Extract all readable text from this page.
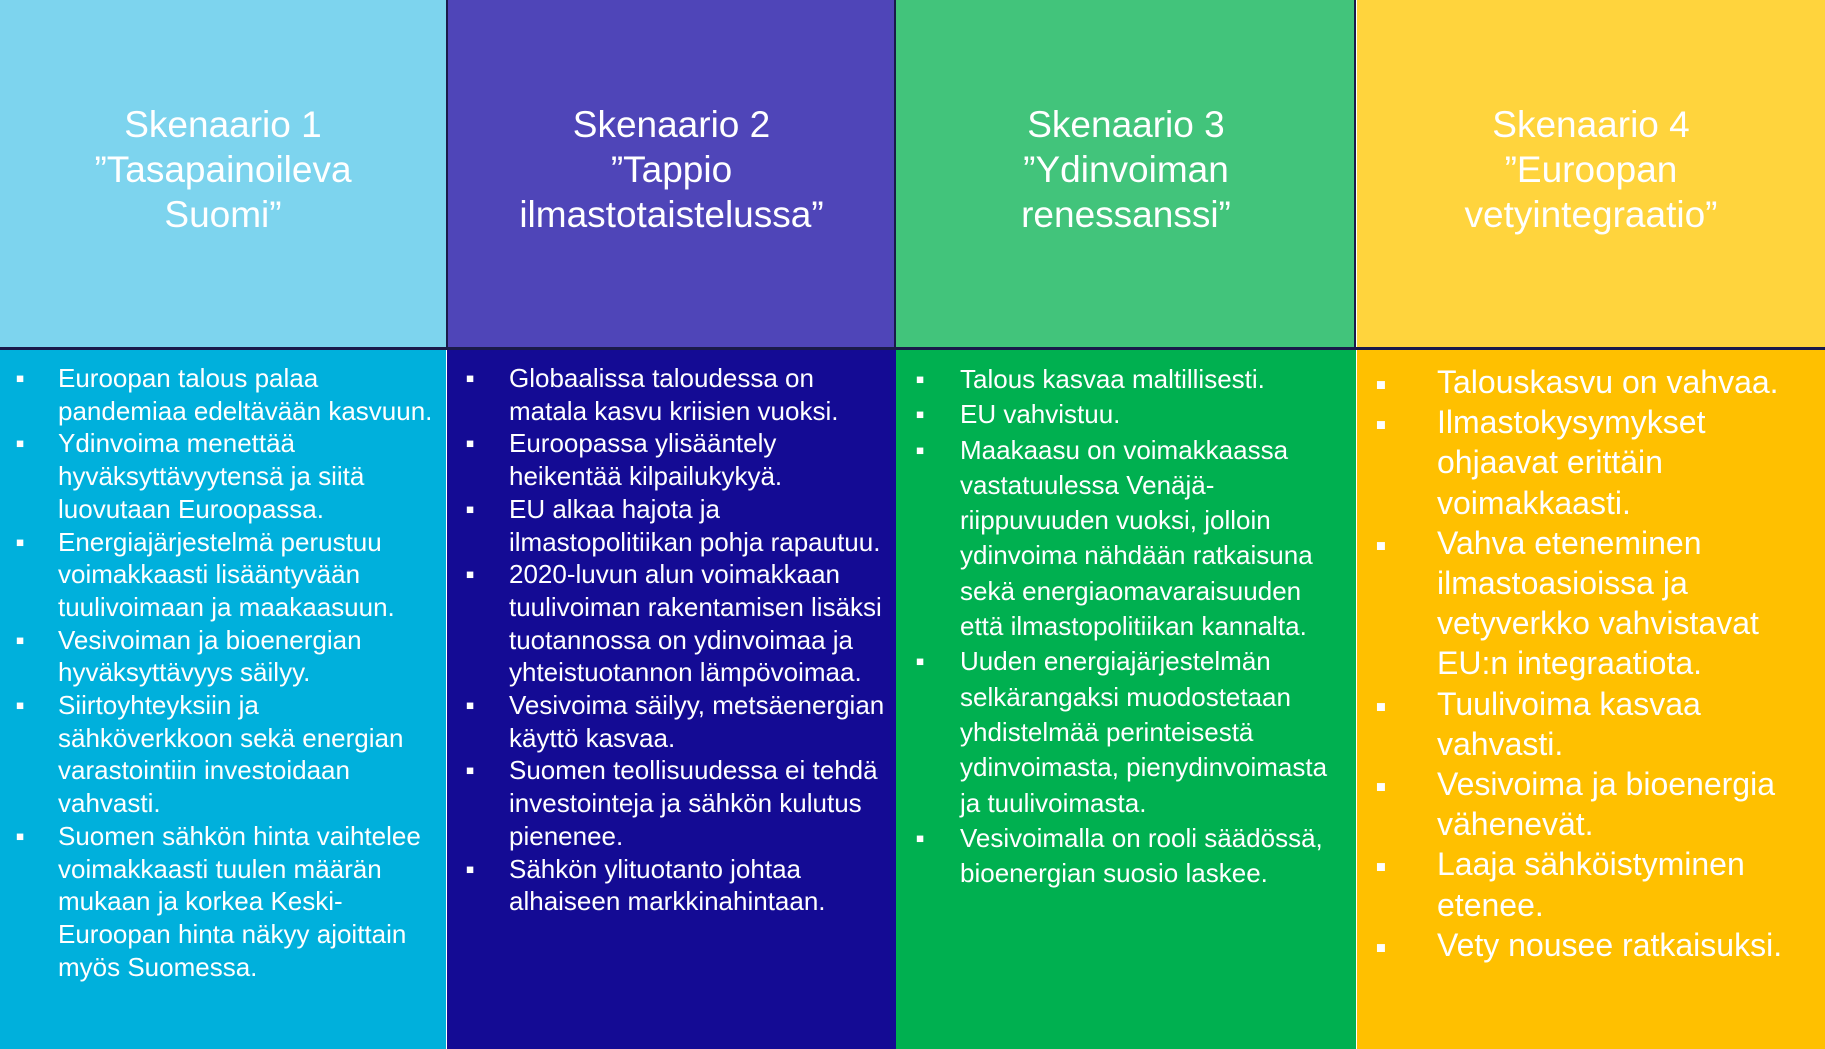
Skenaario 1
”Tasapainoileva
Suomi”
▪
Euroopan talous palaa pandemiaa edeltävään kasvuun.
▪
Ydinvoima menettää hyväksyttävyytensä ja siitä luovutaan Euroopassa.
▪
Energiajärjestelmä perustuu voimakkaasti lisääntyvään tuulivoimaan ja maakaasuun.
▪
Vesivoiman ja bioenergian hyväksyttävyys säilyy.
▪
Siirtoyhteyksiin ja sähköverkkoon sekä energian varastointiin investoidaan vahvasti.
▪
Suomen sähkön hinta vaihtelee voimakkaasti tuulen määrän mukaan ja korkea Keski-Euroopan hinta näkyy ajoittain myös Suomessa.
Skenaario 2
”Tappio
ilmastotaistelussa”
▪
Globaalissa taloudessa on matala kasvu kriisien vuoksi.
▪
Euroopassa ylisääntely heikentää kilpailukykyä.
▪
EU alkaa hajota ja ilmastopolitiikan pohja rapautuu.
▪
2020-luvun alun voimakkaan tuulivoiman rakentamisen lisäksi tuotannossa on ydinvoimaa ja yhteistuotannon lämpövoimaa.
▪
Vesivoima säilyy, metsäenergian käyttö kasvaa.
▪
Suomen teollisuudessa ei tehdä investointeja ja sähkön kulutus pienenee.
▪
Sähkön ylituotanto johtaa alhaiseen markkinahintaan.
Skenaario 3
”Ydinvoiman
renessanssi”
▪
Talous kasvaa maltillisesti.
▪
EU vahvistuu.
▪
Maakaasu on voimakkaassa vastatuulessa Venäjä-riippuvuuden vuoksi, jolloin ydinvoima nähdään ratkaisuna sekä energiaomavaraisuuden että ilmastopolitiikan kannalta.
▪
Uuden energiajärjestelmän selkärangaksi muodostetaan yhdistelmää perinteisestä ydinvoimasta, pienydinvoimasta ja tuulivoimasta.
▪
Vesivoimalla on rooli säädössä, bioenergian suosio laskee.
Skenaario 4
”Euroopan
vetyintegraatio”
▪
Talouskasvu on vahvaa.
▪
Ilmastokysymykset ohjaavat erittäin voimakkaasti.
▪
Vahva eteneminen ilmastoasioissa ja vetyverkko vahvistavat EU:n integraatiota.
▪
Tuulivoima kasvaa vahvasti.
▪
Vesivoima ja bioenergia vähenevät.
▪
Laaja sähköistyminen etenee.
▪
Vety nousee ratkaisuksi.
